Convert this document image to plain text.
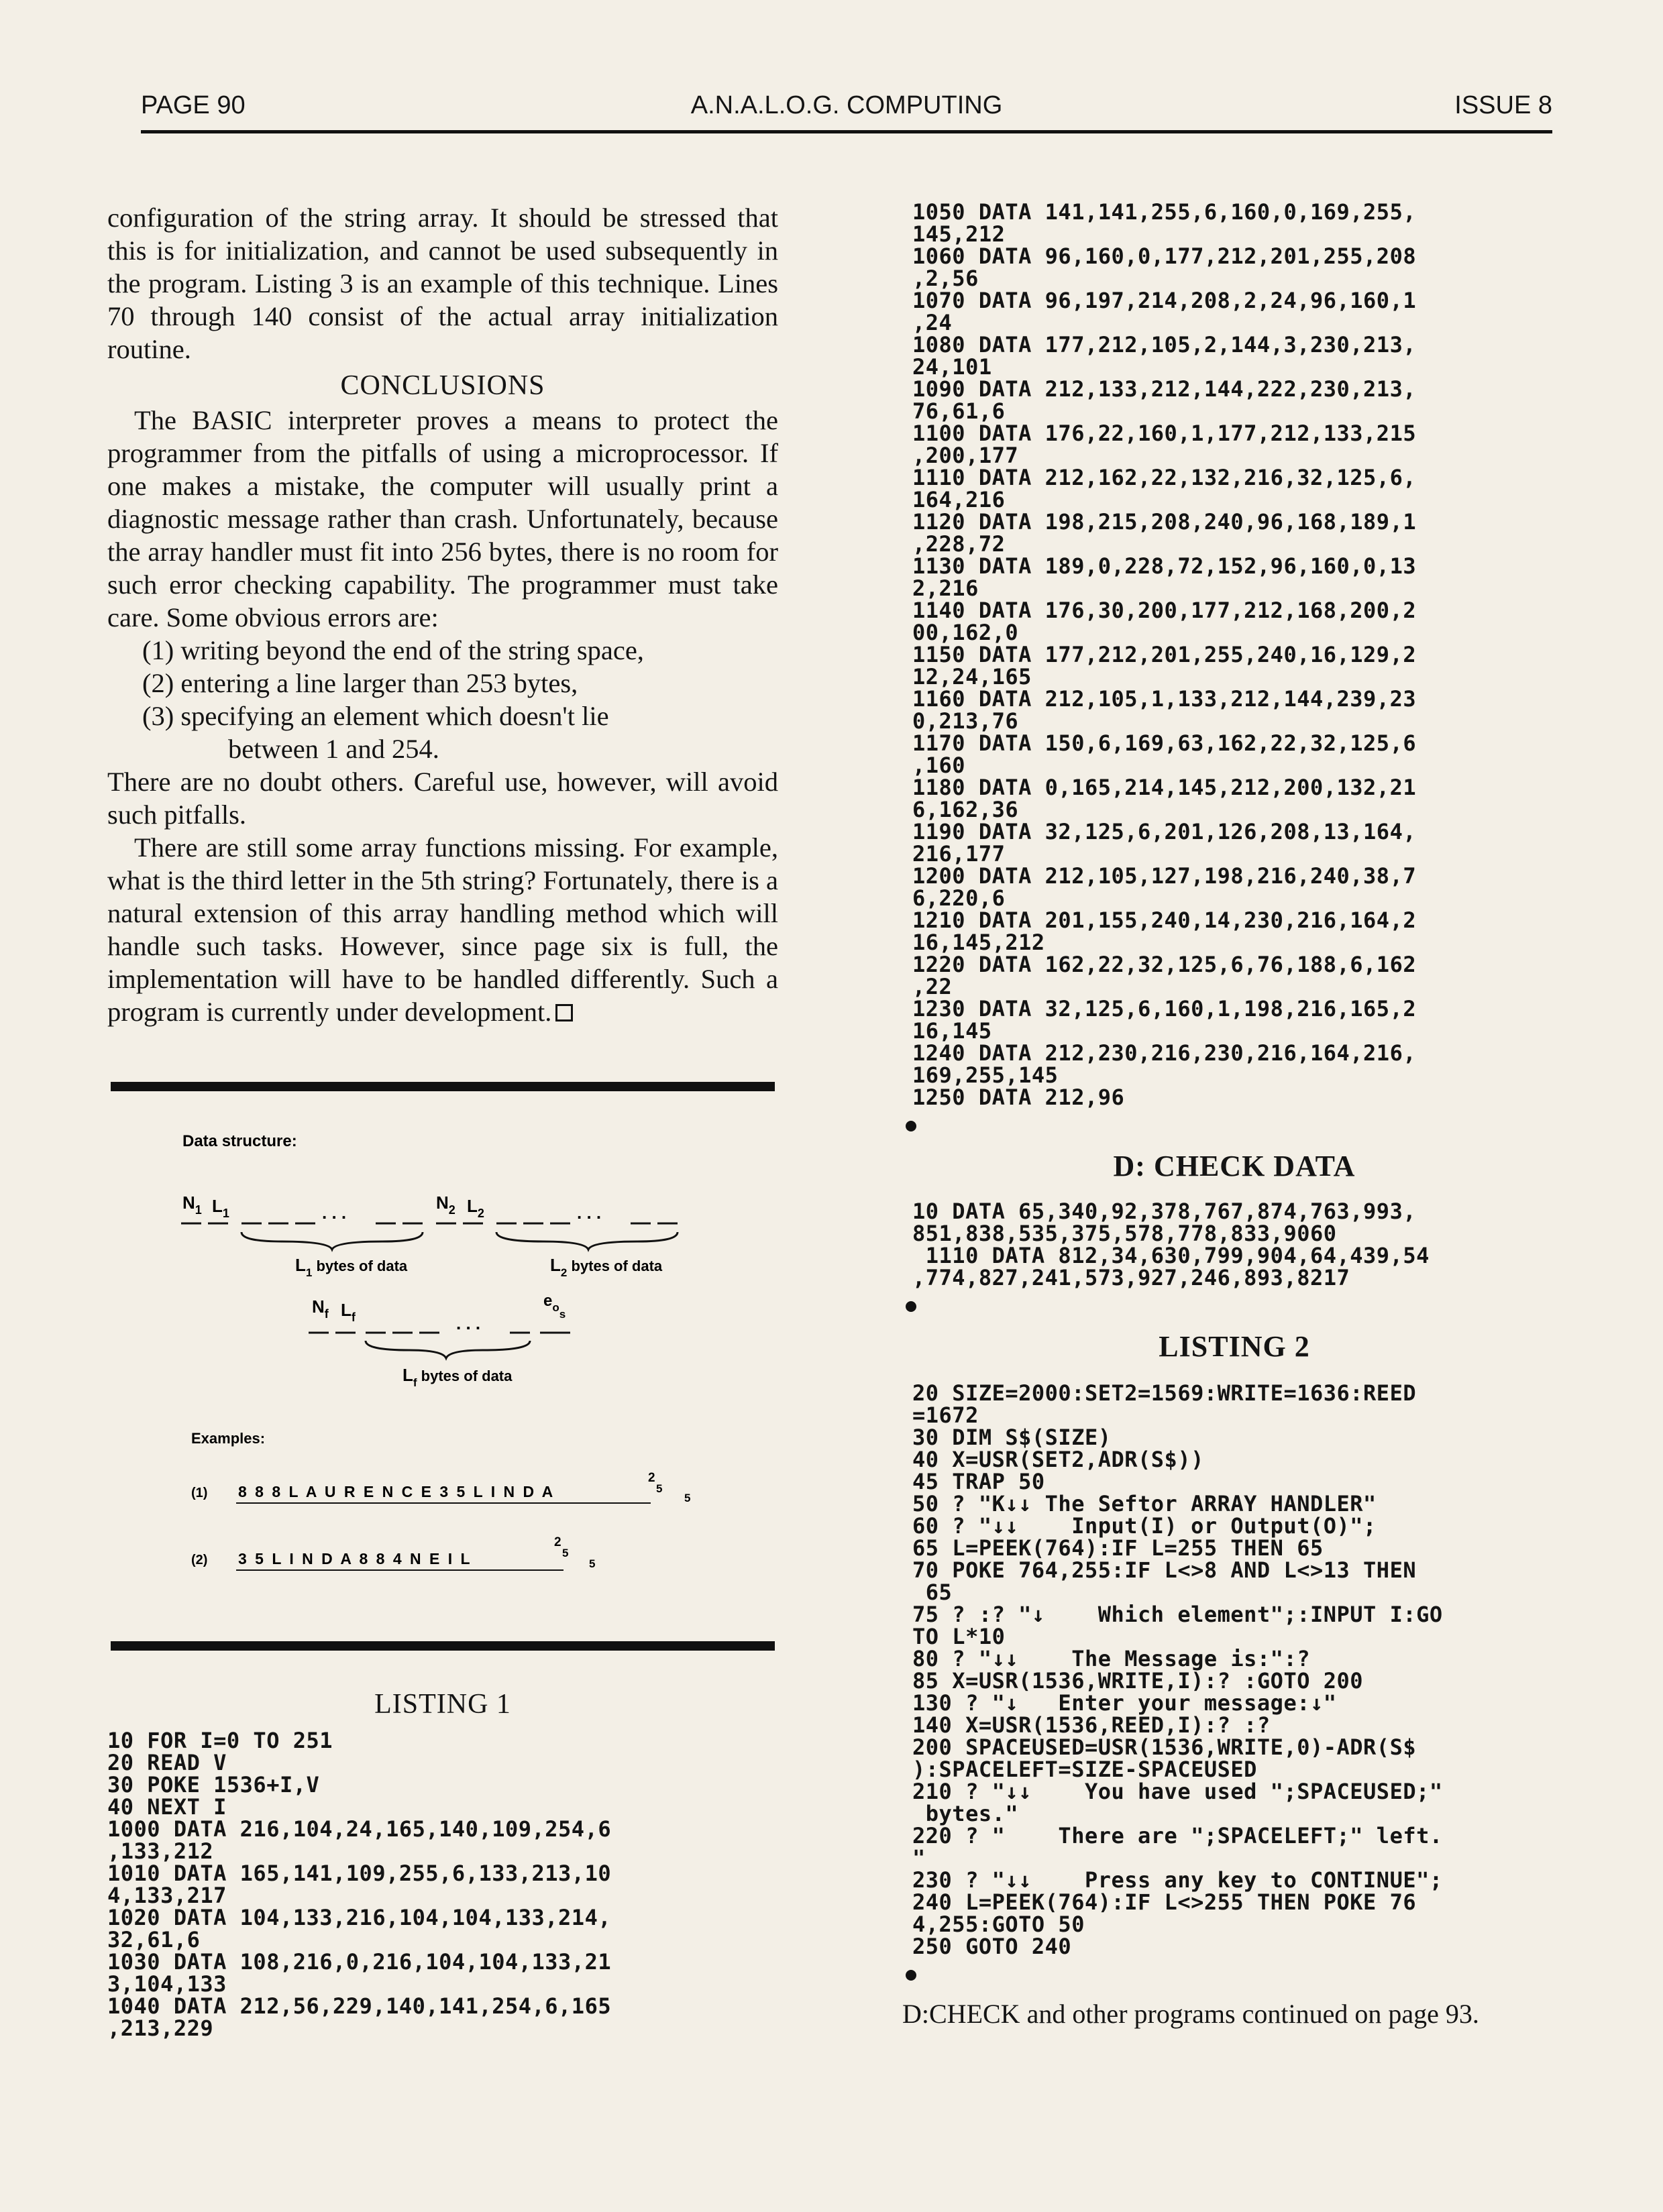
PAGE 90	A.N.A.L.O.G. COMPUTING	ISSUE 8

configuration of the string array. It should be stressed that this is for initialization, and cannot be used subsequently in the program. Listing 3 is an example of this technique. Lines 70 through 140 consist of the actual array initialization routine.

CONCLUSIONS

The BASIC interpreter proves a means to protect the programmer from the pitfalls of using a microprocessor. If one makes a mistake, the computer will usually print a diagnostic message rather than crash. Unfortunately, because the array handler must fit into 256 bytes, there is no room for such error checking capability. The programmer must take care. Some obvious errors are:

(1) writing beyond the end of the string space,
(2) entering a line larger than 253 bytes,
(3) specifying an element which doesn't lie
between 1 and 254.

There are no doubt others. Careful use, however, will avoid such pitfalls.

There are still some array functions missing. For example, what is the third letter in the 5th string? Fortunately, there is a natural extension of this array handling method which will handle such tasks. However, since page six is full, the implementation will have to be handled differently. Such a program is currently under development.

Data structure:
$N_1$ $L_1$
$N_2$ $L_2$
. . .	. . .
$L_1$ bytes of data	$L_2$ bytes of data
$N_f$ $L_f$	. . .
$e_{os}$
$L_f$ bytes of data
Examples:
(1) 8 8 8 L A U R E N C E 3 5 L I N D A
2
5
5
(2) 3 5 L I N D A 8 8 4 N E I L
2
5
5
LISTING 1
10 FOR I=0 TO 251
20 READ V
30 POKE 1536+I,V
40 NEXT I
1000 DATA 216,104,24,165,140,109,254,6
,133,212
1010 DATA 165,141,109,255,6,133,213,10
4,133,217
1020 DATA 104,133,216,104,104,133,214,
32,61,6
1030 DATA 108,216,0,216,104,104,133,21
3,104,133
1040 DATA 212,56,229,140,141,254,6,165
,213,229
1050 DATA 141,141,255,6,160,0,169,255,
145,212
1060 DATA 96,160,0,177,212,201,255,208
,2,56
1070 DATA 96,197,214,208,2,24,96,160,1
,24
1080 DATA 177,212,105,2,144,3,230,213,
24,101
1090 DATA 212,133,212,144,222,230,213,
76,61,6
1100 DATA 176,22,160,1,177,212,133,215
,200,177
1110 DATA 212,162,22,132,216,32,125,6,
164,216
1120 DATA 198,215,208,240,96,168,189,1
,228,72
1130 DATA 189,0,228,72,152,96,160,0,13
2,216
1140 DATA 176,30,200,177,212,168,200,2
00,162,0
1150 DATA 177,212,201,255,240,16,129,2
12,24,165
1160 DATA 212,105,1,133,212,144,239,23
0,213,76
1170 DATA 150,6,169,63,162,22,32,125,6
,160
1180 DATA 0,165,214,145,212,200,132,21
6,162,36
1190 DATA 32,125,6,201,126,208,13,164,
216,177
1200 DATA 212,105,127,198,216,240,38,7
6,220,6
1210 DATA 201,155,240,14,230,216,164,2
16,145,212
1220 DATA 162,22,32,125,6,76,188,6,162
,22
1230 DATA 32,125,6,160,1,198,216,165,2
16,145
1240 DATA 212,230,216,230,216,164,216,
169,255,145
1250 DATA 212,96
D: CHECK DATA
10 DATA 65,340,92,378,767,874,763,993,
851,838,535,375,578,778,833,9060
1110 DATA 812,34,630,799,904,64,439,54
,774,827,241,573,927,246,893,8217
LISTING 2
20 SIZE=2000:SET2=1569:WRITE=1636:REED
=1672
30 DIM S$(SIZE)
40 X=USR(SET2,ADR(S$))
45 TRAP 50
50 ? "K↓↓ The Seftor ARRAY HANDLER"
60 ? "↓↓    Input(I) or Output(O)";
65 L=PEEK(764):IF L=255 THEN 65
70 POKE 764,255:IF L<>8 AND L<>13 THEN
65
75 ? :? "↓    Which element";:INPUT I:GO
TO L*10
80 ? "↓↓    The Message is:":?
85 X=USR(1536,WRITE,I):? :GOTO 200
130 ? "↓   Enter your message:↓"
140 X=USR(1536,REED,I):? :?
200 SPACEUSED=USR(1536,WRITE,0)-ADR(S$
):SPACELEFT=SIZE-SPACEUSED
210 ? "↓↓    You have used ";SPACEUSED;"
bytes."
220 ? "    There are ";SPACELEFT;" left.
"
230 ? "↓↓    Press any key to CONTINUE";
240 L=PEEK(764):IF L<>255 THEN POKE 76
4,255:GOTO 50
250 GOTO 240
D:CHECK and other programs continued on page 93.
